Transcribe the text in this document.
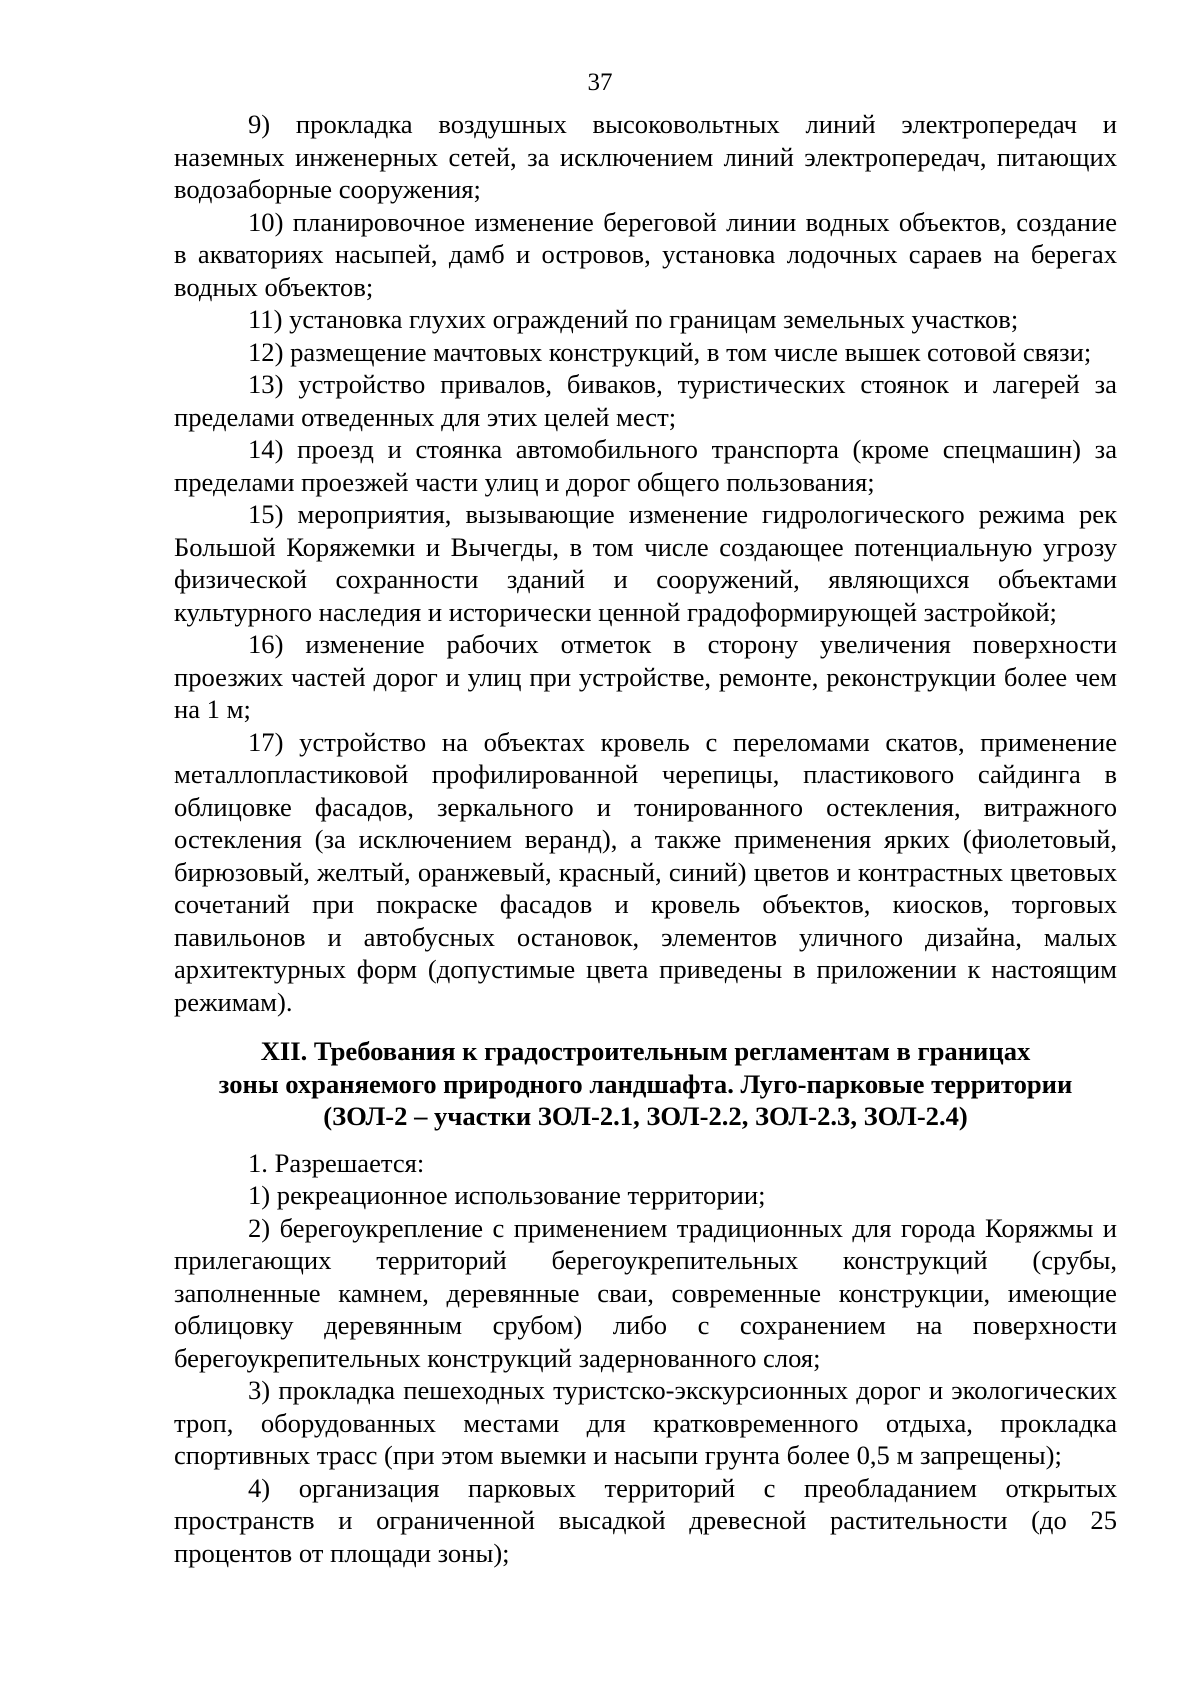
37

9) прокладка воздушных высоковольтных линий электропередач и наземных инженерных сетей, за исключением линий электропередач, питающих водозаборные сооружения;

10) планировочное изменение береговой линии водных объектов, создание в акваториях насыпей, дамб и островов, установка лодочных сараев на берегах водных объектов;

11) установка глухих ограждений по границам земельных участков;

12) размещение мачтовых конструкций, в том числе вышек сотовой связи;

13) устройство привалов, биваков, туристических стоянок и лагерей за пределами отведенных для этих целей мест;

14) проезд и стоянка автомобильного транспорта (кроме спецмашин) за пределами проезжей части улиц и дорог общего пользования;

15) мероприятия, вызывающие изменение гидрологического режима рек Большой Коряжемки и Вычегды, в том числе создающее потенциальную угрозу физической сохранности зданий и сооружений, являющихся объектами культурного наследия и исторически ценной градоформирующей застройкой;

16) изменение рабочих отметок в сторону увеличения поверхности проезжих частей дорог и улиц при устройстве, ремонте, реконструкции более чем на 1 м;

17) устройство на объектах кровель с переломами скатов, применение металлопластиковой профилированной черепицы, пластикового сайдинга в облицовке фасадов, зеркального и тонированного остекления, витражного остекления (за исключением веранд), а также применения ярких (фиолетовый, бирюзовый, желтый, оранжевый, красный, синий) цветов и контрастных цветовых сочетаний при покраске фасадов и кровель объектов, киосков, торговых павильонов и автобусных остановок, элементов уличного дизайна, малых архитектурных форм (допустимые цвета приведены в приложении к настоящим режимам).

XII. Требования к градостроительным регламентам в границах
зоны охраняемого природного ландшафта. Луго-парковые территории
(ЗОЛ-2 – участки ЗОЛ-2.1, ЗОЛ-2.2, ЗОЛ-2.3, ЗОЛ-2.4)

1. Разрешается:

1) рекреационное использование территории;

2) берегоукрепление с применением традиционных для города Коряжмы и прилегающих территорий берегоукрепительных конструкций (срубы, заполненные камнем, деревянные сваи, современные конструкции, имеющие облицовку деревянным срубом) либо с сохранением на поверхности берегоукрепительных конструкций задернованного слоя;

3) прокладка пешеходных туристско-экскурсионных дорог и экологических троп, оборудованных местами для кратковременного отдыха, прокладка спортивных трасс (при этом выемки и насыпи грунта более 0,5 м запрещены);

4) организация парковых территорий с преобладанием открытых пространств и ограниченной высадкой древесной растительности (до 25 процентов от площади зоны);
